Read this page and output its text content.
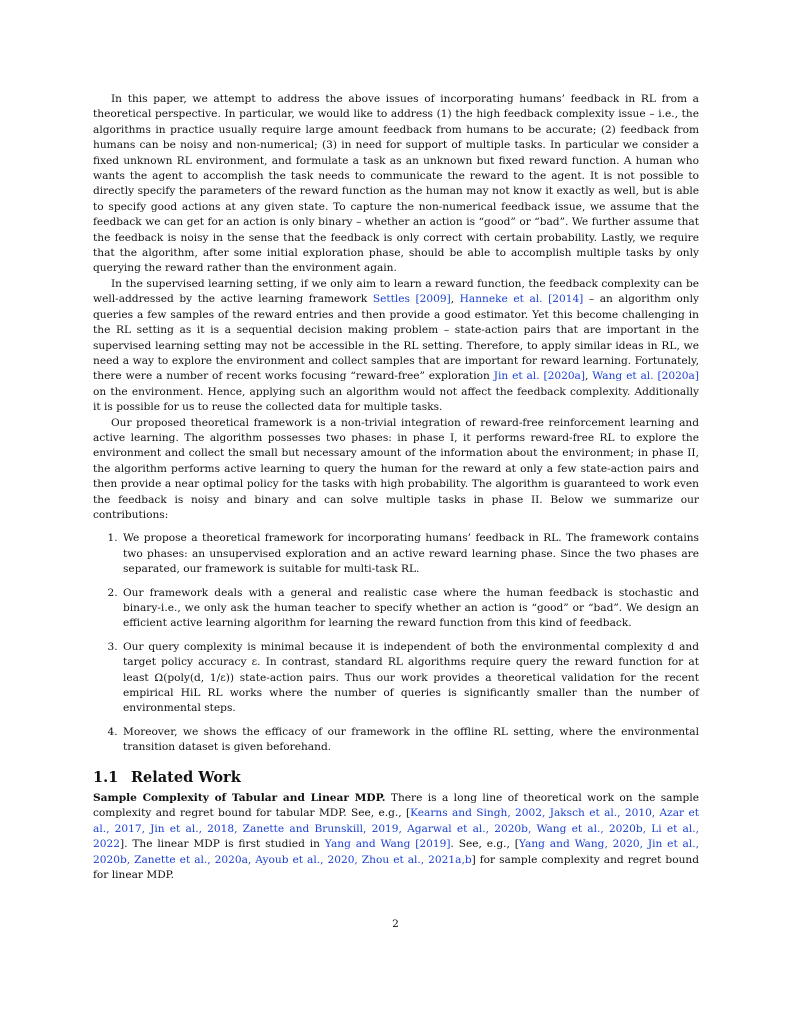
In this paper, we attempt to address the above issues of incorporating humans’ feedback in RL from a theoretical perspective. In particular, we would like to address (1) the high feedback complexity issue – i.e., the algorithms in practice usually require large amount feedback from humans to be accurate; (2) feedback from humans can be noisy and non-numerical; (3) in need for support of multiple tasks. In particular we consider a fixed unknown RL environment, and formulate a task as an unknown but fixed reward function. A human who wants the agent to accomplish the task needs to communicate the reward to the agent. It is not possible to directly specify the parameters of the reward function as the human may not know it exactly as well, but is able to specify good actions at any given state. To capture the non-numerical feedback issue, we assume that the feedback we can get for an action is only binary – whether an action is “good” or “bad”. We further assume that the feedback is noisy in the sense that the feedback is only correct with certain probability. Lastly, we require that the algorithm, after some initial exploration phase, should be able to accomplish multiple tasks by only querying the reward rather than the environment again.

In the supervised learning setting, if we only aim to learn a reward function, the feedback complexity can be well-addressed by the active learning framework Settles [2009], Hanneke et al. [2014] – an algorithm only queries a few samples of the reward entries and then provide a good estimator. Yet this become challenging in the RL setting as it is a sequential decision making problem – state-action pairs that are important in the supervised learning setting may not be accessible in the RL setting. Therefore, to apply similar ideas in RL, we need a way to explore the environment and collect samples that are important for reward learning. Fortunately, there were a number of recent works focusing “reward-free” exploration Jin et al. [2020a], Wang et al. [2020a] on the environment. Hence, applying such an algorithm would not affect the feedback complexity. Additionally it is possible for us to reuse the collected data for multiple tasks.

Our proposed theoretical framework is a non-trivial integration of reward-free reinforcement learning and active learning. The algorithm possesses two phases: in phase I, it performs reward-free RL to explore the environment and collect the small but necessary amount of the information about the environment; in phase II, the algorithm performs active learning to query the human for the reward at only a few state-action pairs and then provide a near optimal policy for the tasks with high probability. The algorithm is guaranteed to work even the feedback is noisy and binary and can solve multiple tasks in phase II. Below we summarize our contributions:

1. We propose a theoretical framework for incorporating humans’ feedback in RL. The framework contains two phases: an unsupervised exploration and an active reward learning phase. Since the two phases are separated, our framework is suitable for multi-task RL.
2. Our framework deals with a general and realistic case where the human feedback is stochastic and binary-i.e., we only ask the human teacher to specify whether an action is “good” or “bad”. We design an efficient active learning algorithm for learning the reward function from this kind of feedback.
3. Our query complexity is minimal because it is independent of both the environmental complexity d and target policy accuracy ε. In contrast, standard RL algorithms require query the reward function for at least Ω(poly(d, 1/ε)) state-action pairs. Thus our work provides a theoretical validation for the recent empirical HiL RL works where the number of queries is significantly smaller than the number of environmental steps.
4. Moreover, we shows the efficacy of our framework in the offline RL setting, where the environmental transition dataset is given beforehand.
1.1 Related Work

Sample Complexity of Tabular and Linear MDP. There is a long line of theoretical work on the sample complexity and regret bound for tabular MDP. See, e.g., [Kearns and Singh, 2002, Jaksch et al., 2010, Azar et al., 2017, Jin et al., 2018, Zanette and Brunskill, 2019, Agarwal et al., 2020b, Wang et al., 2020b, Li et al., 2022]. The linear MDP is first studied in Yang and Wang [2019]. See, e.g., [Yang and Wang, 2020, Jin et al., 2020b, Zanette et al., 2020a, Ayoub et al., 2020, Zhou et al., 2021a,b] for sample complexity and regret bound for linear MDP.

2
